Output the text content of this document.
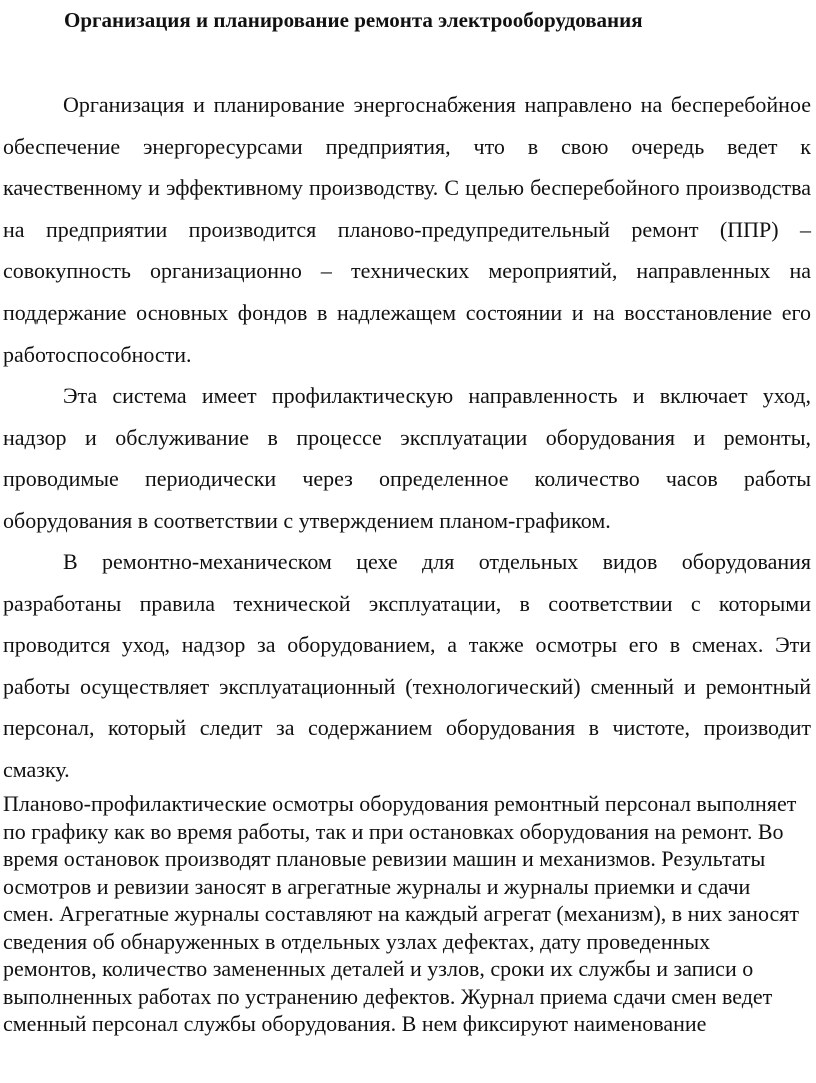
Организация и планирование ремонта электрооборудования

Организация и планирование энергоснабжения направлено на бесперебойное обеспечение энергоресурсами предприятия, что в свою очередь ведет к качественному и эффективному производству. С целью бесперебойного производства на предприятии производится планово-предупредительный ремонт (ППР) – совокупность организационно – технических мероприятий, направленных на поддержание основных фондов в надлежащем состоянии и на восстановление его работоспособности.

Эта система имеет профилактическую направленность и включает уход, надзор и обслуживание в процессе эксплуатации оборудования и ремонты, проводимые периодически через определенное количество часов работы оборудования в соответствии с утверждением планом-графиком.

В ремонтно-механическом цехе для отдельных видов оборудования разработаны правила технической эксплуатации, в соответствии с которыми проводится уход, надзор за оборудованием, а также осмотры его в сменах. Эти работы осуществляет эксплуатационный (технологический) сменный и ремонтный персонал, который следит за содержанием оборудования в чистоте, производит смазку.

Планово-профилактические осмотры оборудования ремонтный персонал выполняет по графику как во время работы, так и при остановках оборудования на ремонт. Во время остановок производят плановые ревизии машин и механизмов. Результаты осмотров и ревизии заносят в агрегатные журналы и журналы приемки и сдачи смен. Агрегатные журналы составляют на каждый агрегат (механизм), в них заносят сведения об обнаруженных в отдельных узлах дефектах, дату проведенных ремонтов, количество замененных деталей и узлов, сроки их службы и записи о выполненных работах по устранению дефектов. Журнал приема сдачи смен ведет сменный персонал службы оборудования. В нем фиксируют наименование
